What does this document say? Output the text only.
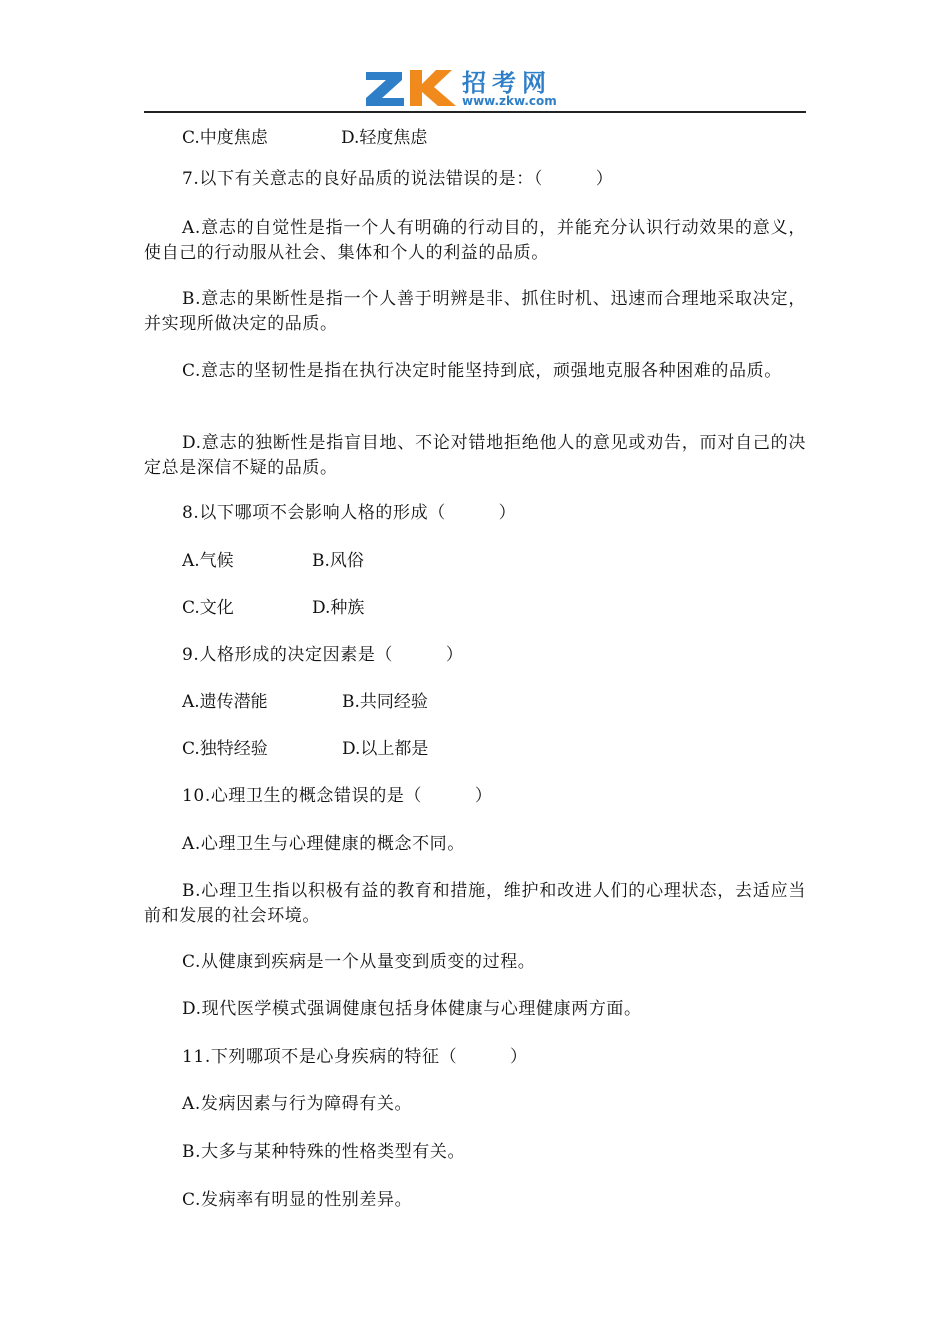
招考网
www.zkw.com
C.中度焦虑	D.轻度焦虑

7.以下有关意志的良好品质的说法错误的是：（　　　）

A.意志的自觉性是指一个人有明确的行动目的，并能充分认识行动效果的意义，使自己的行动服从社会、集体和个人的利益的品质。

B.意志的果断性是指一个人善于明辨是非、抓住时机、迅速而合理地采取决定，并实现所做决定的品质。

C.意志的坚韧性是指在执行决定时能坚持到底，顽强地克服各种困难的品质。

D.意志的独断性是指盲目地、不论对错地拒绝他人的意见或劝告，而对自己的决定总是深信不疑的品质。

8.以下哪项不会影响人格的形成（　　　）

A.气候	B.风俗
C.文化	D.种族

9.人格形成的决定因素是（　　　）

A.遗传潜能	B.共同经验
C.独特经验	D.以上都是

10.心理卫生的概念错误的是（　　　）

A.心理卫生与心理健康的概念不同。

B.心理卫生指以积极有益的教育和措施，维护和改进人们的心理状态，去适应当前和发展的社会环境。

C.从健康到疾病是一个从量变到质变的过程。

D.现代医学模式强调健康包括身体健康与心理健康两方面。

11.下列哪项不是心身疾病的特征（　　　）

A.发病因素与行为障碍有关。

B.大多与某种特殊的性格类型有关。

C.发病率有明显的性别差异。
